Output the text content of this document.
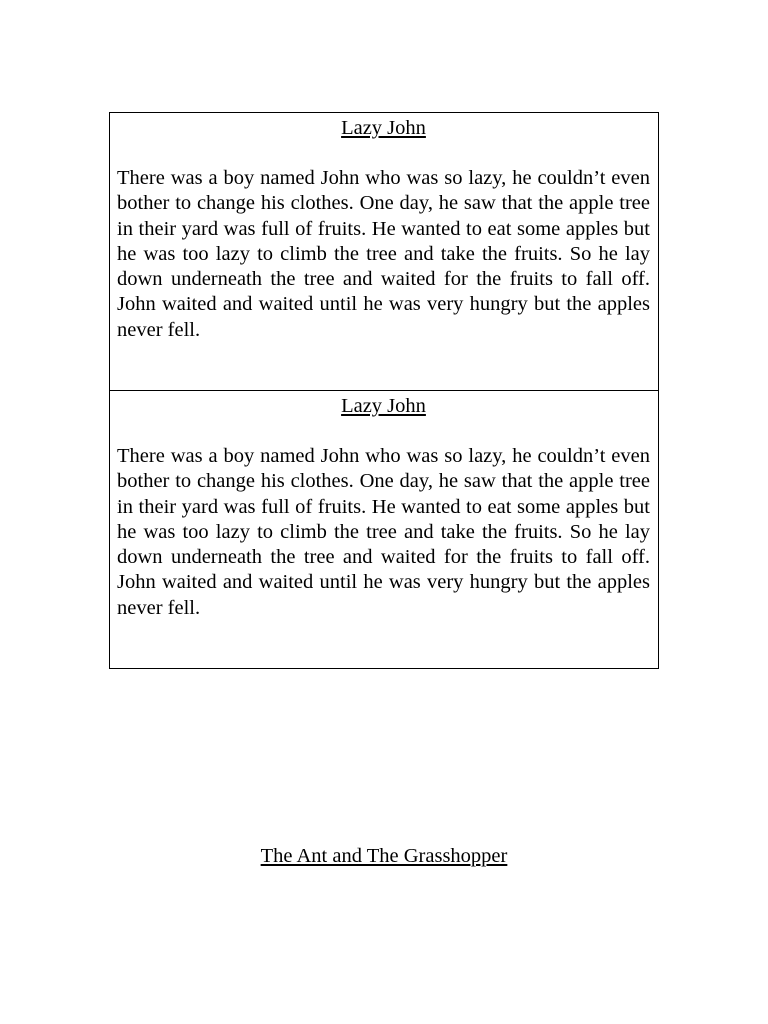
Lazy John

There was a boy named John who was so lazy, he couldn’t even bother to change his clothes. One day, he saw that the apple tree in their yard was full of fruits. He wanted to eat some apples but he was too lazy to climb the tree and take the fruits. So he lay down underneath the tree and waited for the fruits to fall off. John waited and waited until he was very hungry but the apples never fell.

Lazy John

There was a boy named John who was so lazy, he couldn’t even bother to change his clothes. One day, he saw that the apple tree in their yard was full of fruits. He wanted to eat some apples but he was too lazy to climb the tree and take the fruits. So he lay down underneath the tree and waited for the fruits to fall off. John waited and waited until he was very hungry but the apples never fell.

The Ant and The Grasshopper
